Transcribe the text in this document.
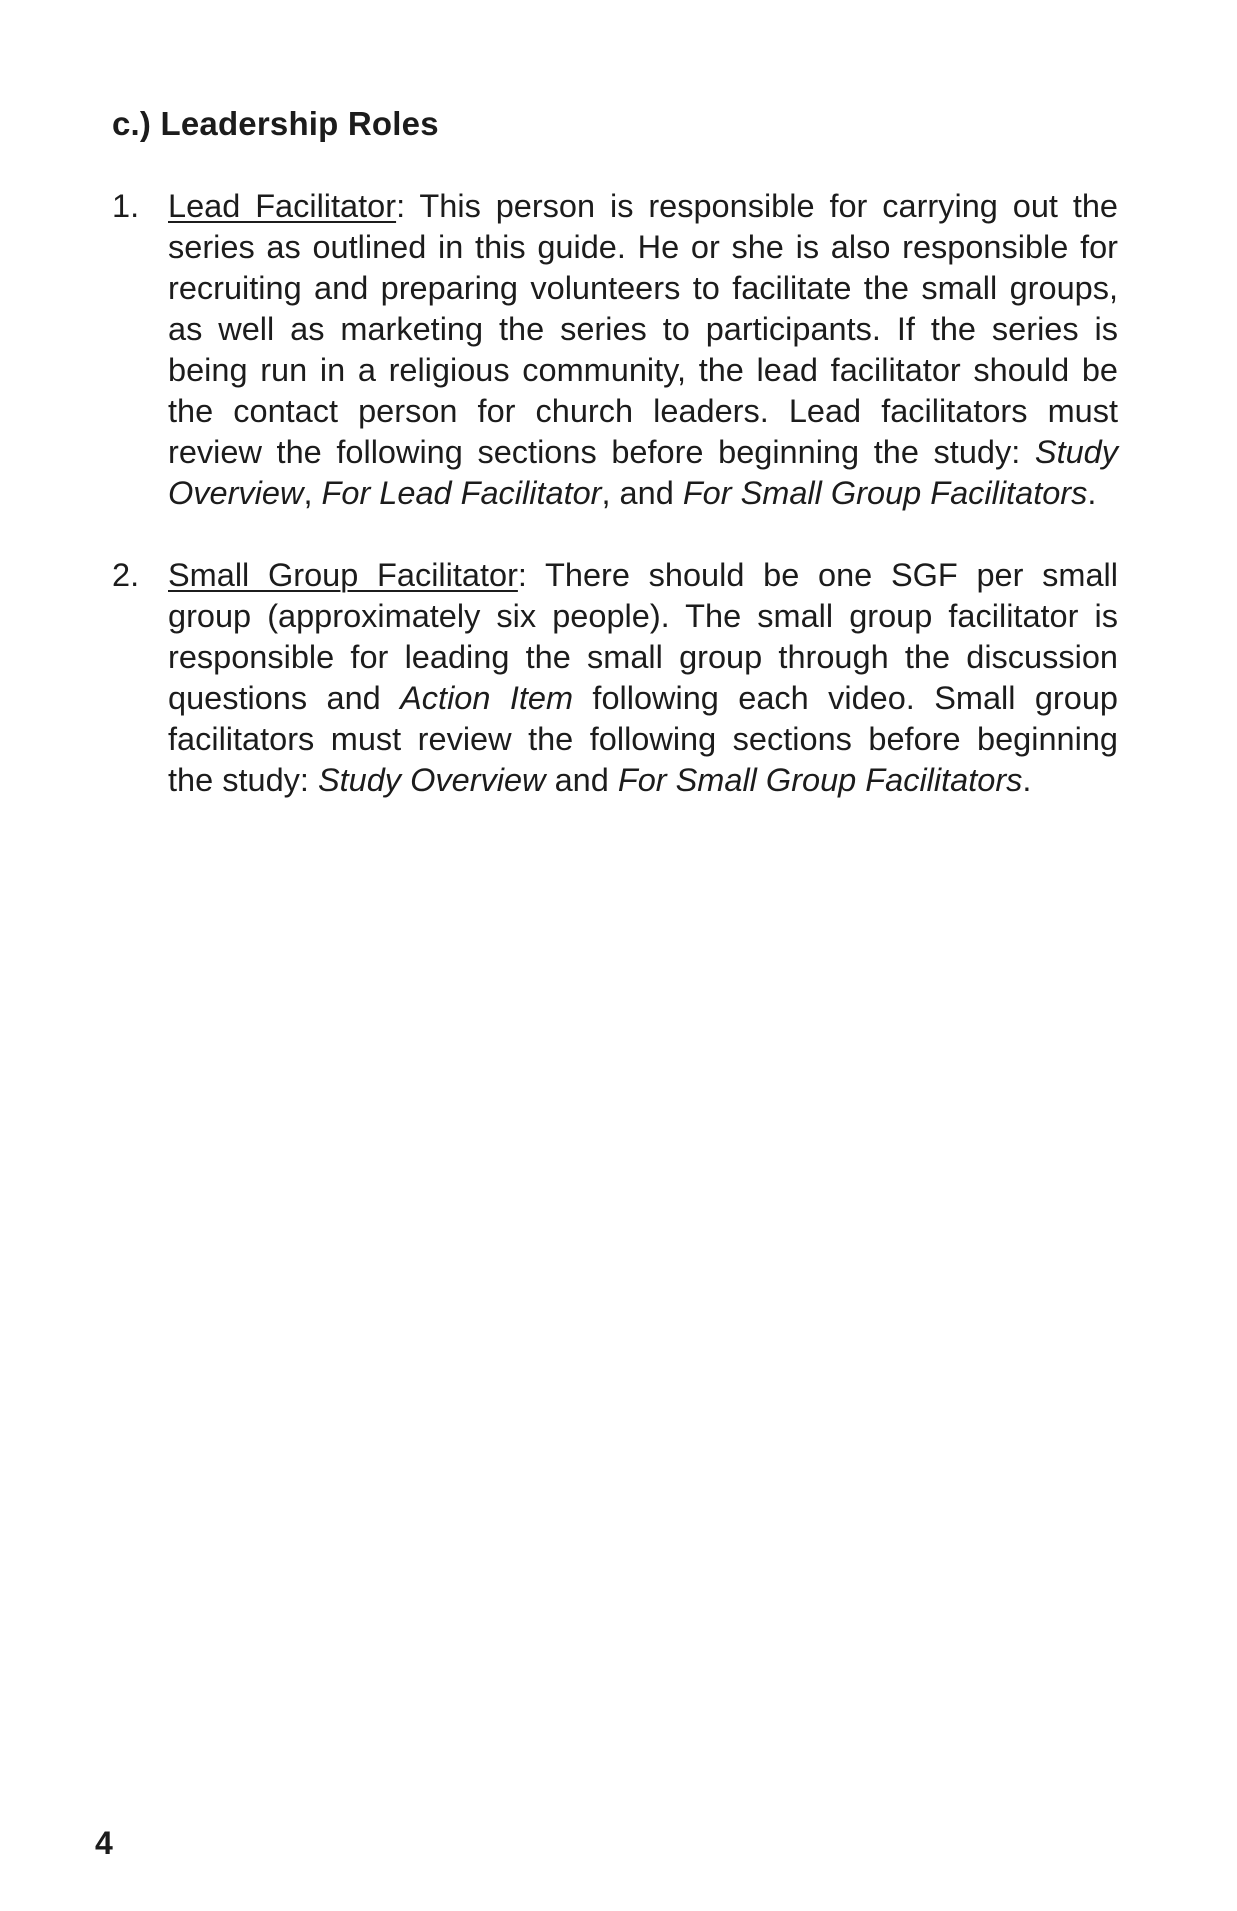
c.) Leadership Roles
1. Lead Facilitator: This person is responsible for carrying out the series as outlined in this guide. He or she is also responsible for recruiting and preparing volunteers to facilitate the small groups, as well as marketing the series to participants. If the series is being run in a religious community, the lead facilitator should be the contact person for church leaders. Lead facilitators must review the following sections before beginning the study: Study Overview, For Lead Facilitator, and For Small Group Facilitators.
2. Small Group Facilitator: There should be one SGF per small group (approximately six people). The small group facilitator is responsible for leading the small group through the discussion questions and Action Item following each video. Small group facilitators must review the following sections before beginning the study: Study Overview and For Small Group Facilitators.
4
